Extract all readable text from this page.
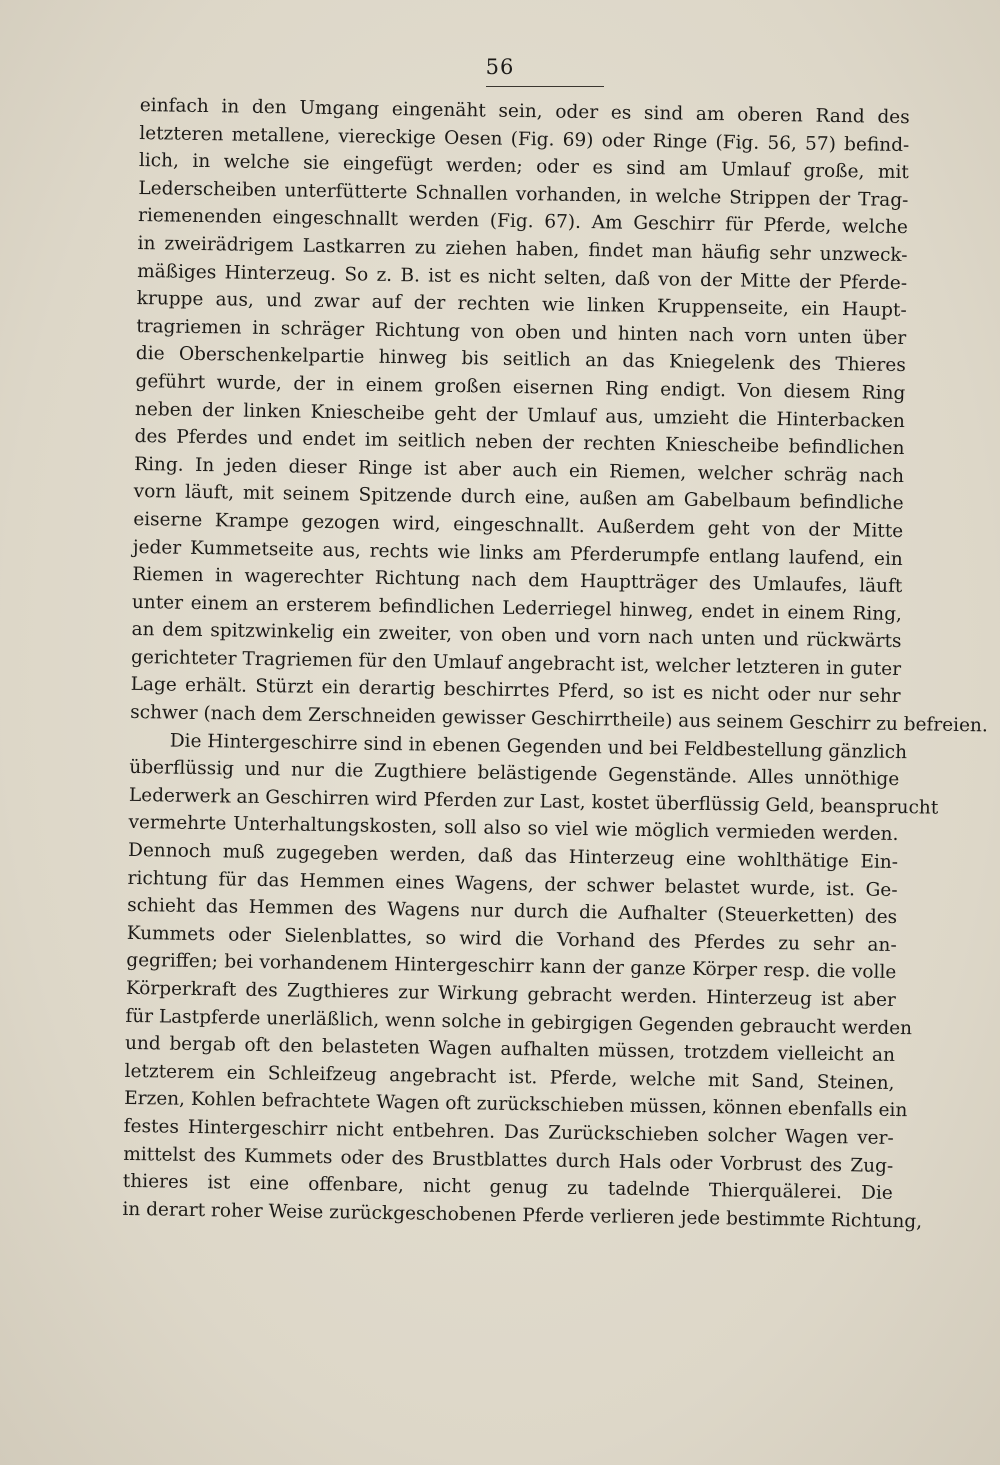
56
einfach in den Umgang eingenäht sein, oder es sind am oberen Rand des
letzteren metallene, viereckige Oesen (Fig. 69) oder Ringe (Fig. 56, 57) befind-
lich, in welche sie eingefügt werden; oder es sind am Umlauf große, mit
Lederscheiben unterfütterte Schnallen vorhanden, in welche Strippen der Trag-
riemenenden eingeschnallt werden (Fig. 67). Am Geschirr für Pferde, welche
in zweirädrigem Lastkarren zu ziehen haben, findet man häufig sehr unzweck-
mäßiges Hinterzeug. So z. B. ist es nicht selten, daß von der Mitte der Pferde-
kruppe aus, und zwar auf der rechten wie linken Kruppenseite, ein Haupt-
tragriemen in schräger Richtung von oben und hinten nach vorn unten über
die Oberschenkelpartie hinweg bis seitlich an das Kniegelenk des Thieres
geführt wurde, der in einem großen eisernen Ring endigt. Von diesem Ring
neben der linken Kniescheibe geht der Umlauf aus, umzieht die Hinterbacken
des Pferdes und endet im seitlich neben der rechten Kniescheibe befindlichen
Ring. In jeden dieser Ringe ist aber auch ein Riemen, welcher schräg nach
vorn läuft, mit seinem Spitzende durch eine, außen am Gabelbaum befindliche
eiserne Krampe gezogen wird, eingeschnallt. Außerdem geht von der Mitte
jeder Kummetseite aus, rechts wie links am Pferderumpfe entlang laufend, ein
Riemen in wagerechter Richtung nach dem Hauptträger des Umlaufes, läuft
unter einem an ersterem befindlichen Lederriegel hinweg, endet in einem Ring,
an dem spitzwinkelig ein zweiter, von oben und vorn nach unten und rückwärts
gerichteter Tragriemen für den Umlauf angebracht ist, welcher letzteren in guter
Lage erhält. Stürzt ein derartig beschirrtes Pferd, so ist es nicht oder nur sehr
schwer (nach dem Zerschneiden gewisser Geschirrtheile) aus seinem Geschirr zu befreien.
Die Hintergeschirre sind in ebenen Gegenden und bei Feldbestellung gänzlich
überflüssig und nur die Zugthiere belästigende Gegenstände. Alles unnöthige
Lederwerk an Geschirren wird Pferden zur Last, kostet überflüssig Geld, beansprucht
vermehrte Unterhaltungskosten, soll also so viel wie möglich vermieden werden.
Dennoch muß zugegeben werden, daß das Hinterzeug eine wohlthätige Ein-
richtung für das Hemmen eines Wagens, der schwer belastet wurde, ist. Ge-
schieht das Hemmen des Wagens nur durch die Aufhalter (Steuerketten) des
Kummets oder Sielenblattes, so wird die Vorhand des Pferdes zu sehr an-
gegriffen; bei vorhandenem Hintergeschirr kann der ganze Körper resp. die volle
Körperkraft des Zugthieres zur Wirkung gebracht werden. Hinterzeug ist aber
für Lastpferde unerläßlich, wenn solche in gebirgigen Gegenden gebraucht werden
und bergab oft den belasteten Wagen aufhalten müssen, trotzdem vielleicht an
letzterem ein Schleifzeug angebracht ist. Pferde, welche mit Sand, Steinen,
Erzen, Kohlen befrachtete Wagen oft zurückschieben müssen, können ebenfalls ein
festes Hintergeschirr nicht entbehren. Das Zurückschieben solcher Wagen ver-
mittelst des Kummets oder des Brustblattes durch Hals oder Vorbrust des Zug-
thieres ist eine offenbare, nicht genug zu tadelnde Thierquälerei. Die
in derart roher Weise zurückgeschobenen Pferde verlieren jede bestimmte Richtung,
